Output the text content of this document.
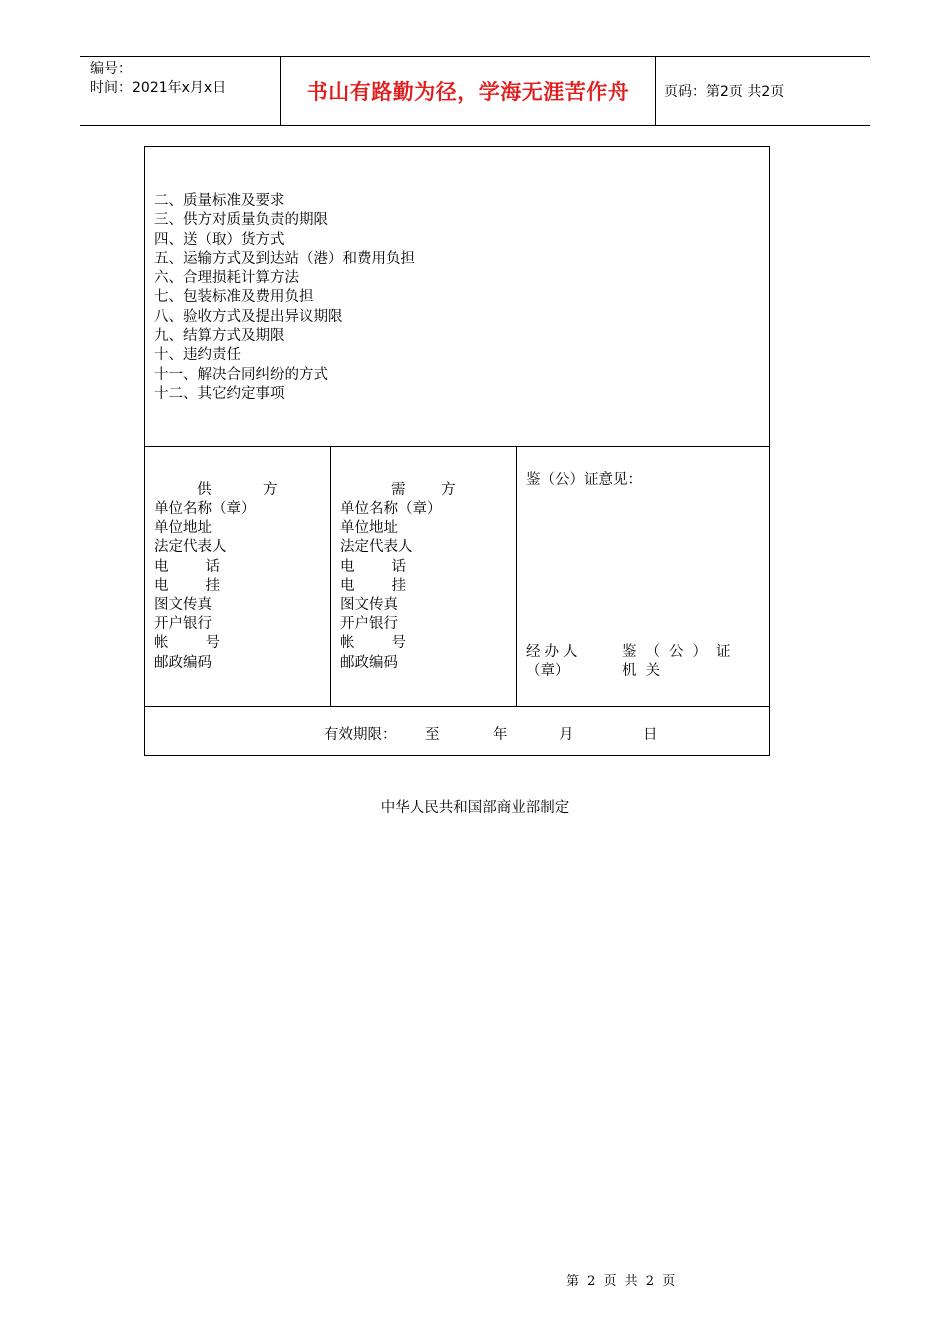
编号：
时间：2021年x月x日	书山有路勤为径，学海无涯苦作舟	页码：第2页 共2页
二、质量标准及要求
三、供方对质量负责的期限
四、送（取）货方式
五、运输方式及到达站（港）和费用负担
六、合理损耗计算方法
七、包装标准及费用负担
八、验收方式及提出异议期限
九、结算方式及期限
十、违约责任
十一、解决合同纠纷的方式
十二、其它约定事项
供	方
单位名称（章）
单位地址
法定代表人
电	话
电	挂
图文传真
开户银行
帐	号
邮政编码
需 方
单位名称（章）
单位地址
法定代表人
电	话
电	挂
图文传真
开户银行
帐	号
邮政编码
鉴（公）证意见：
经办人	鉴（公）证机关
（章）
有效期限： 至	年	月	日
中华人民共和国部商业部制定
第 2 页 共 2 页
